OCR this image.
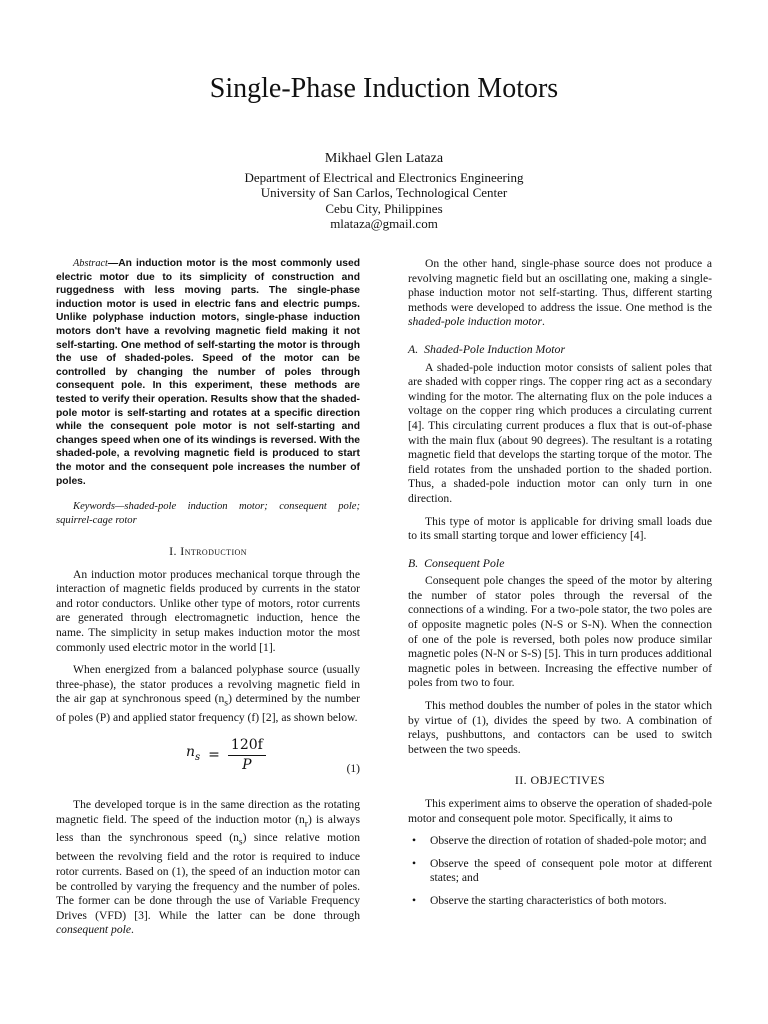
Single-Phase Induction Motors
Mikhael Glen Lataza
Department of Electrical and Electronics Engineering
University of San Carlos, Technological Center
Cebu City, Philippines
mlataza@gmail.com

Abstract—An induction motor is the most commonly used electric motor due to its simplicity of construction and ruggedness with less moving parts. The single-phase induction motor is used in electric fans and electric pumps. Unlike polyphase induction motors, single-phase induction motors don't have a revolving magnetic field making it not self-starting. One method of self-starting the motor is through the use of shaded-poles. Speed of the motor can be controlled by changing the number of poles through consequent pole. In this experiment, these methods are tested to verify their operation. Results show that the shaded-pole motor is self-starting and rotates at a specific direction while the consequent pole motor is not self-starting and changes speed when one of its windings is reversed. With the shaded-pole, a revolving magnetic field is produced to start the motor and the consequent pole increases the number of poles.

Keywords—shaded-pole induction motor; consequent pole; squirrel-cage rotor

I. Introduction

An induction motor produces mechanical torque through the interaction of magnetic fields produced by currents in the stator and rotor conductors. Unlike other type of motors, rotor currents are generated through electromagnetic induction, hence the name. The simplicity in setup makes induction motor the most commonly used electric motor in the world [1].

When energized from a balanced polyphase source (usually three-phase), the stator produces a revolving magnetic field in the air gap at synchronous speed $(n_s)$ determined by the number of poles (P) and applied stator frequency (f) [2], as shown below.

$n_s = \frac{120f}{P}$	(1)

The developed torque is in the same direction as the rotating magnetic field. The speed of the induction motor $(n_r)$ is always less than the synchronous speed $(n_s)$ since relative motion between the revolving field and the rotor is required to induce rotor currents. Based on (1), the speed of an induction motor can be controlled by varying the frequency and the number of poles. The former can be done through the use of Variable Frequency Drives (VFD) [3]. While the latter can be done through consequent pole.

On the other hand, single-phase source does not produce a revolving magnetic field but an oscillating one, making a single-phase induction motor not self-starting. Thus, different starting methods were developed to address the issue. One method is the shaded-pole induction motor.

A. Shaded-Pole Induction Motor

A shaded-pole induction motor consists of salient poles that are shaded with copper rings. The copper ring act as a secondary winding for the motor. The alternating flux on the pole induces a voltage on the copper ring which produces a circulating current [4]. This circulating current produces a flux that is out-of-phase with the main flux (about 90 degrees). The resultant is a rotating magnetic field that develops the starting torque of the motor. The field rotates from the unshaded portion to the shaded portion. Thus, a shaded-pole induction motor can only turn in one direction.

This type of motor is applicable for driving small loads due to its small starting torque and lower efficiency [4].

B. Consequent Pole

Consequent pole changes the speed of the motor by altering the number of stator poles through the reversal of the connections of a winding. For a two-pole stator, the two poles are of opposite magnetic poles (N-S or S-N). When the connection of one of the pole is reversed, both poles now produce similar magnetic poles (N-N or S-S) [5]. This in turn produces additional magnetic poles in between. Increasing the effective number of poles from two to four.

This method doubles the number of poles in the stator which by virtue of (1), divides the speed by two. A combination of relays, pushbuttons, and contactors can be used to switch between the two speeds.

II. OBJECTIVES

This experiment aims to observe the operation of shaded-pole motor and consequent pole motor. Specifically, it aims to

• Observe the direction of rotation of shaded-pole motor; and
• Observe the speed of consequent pole motor at different states; and
• Observe the starting characteristics of both motors.
